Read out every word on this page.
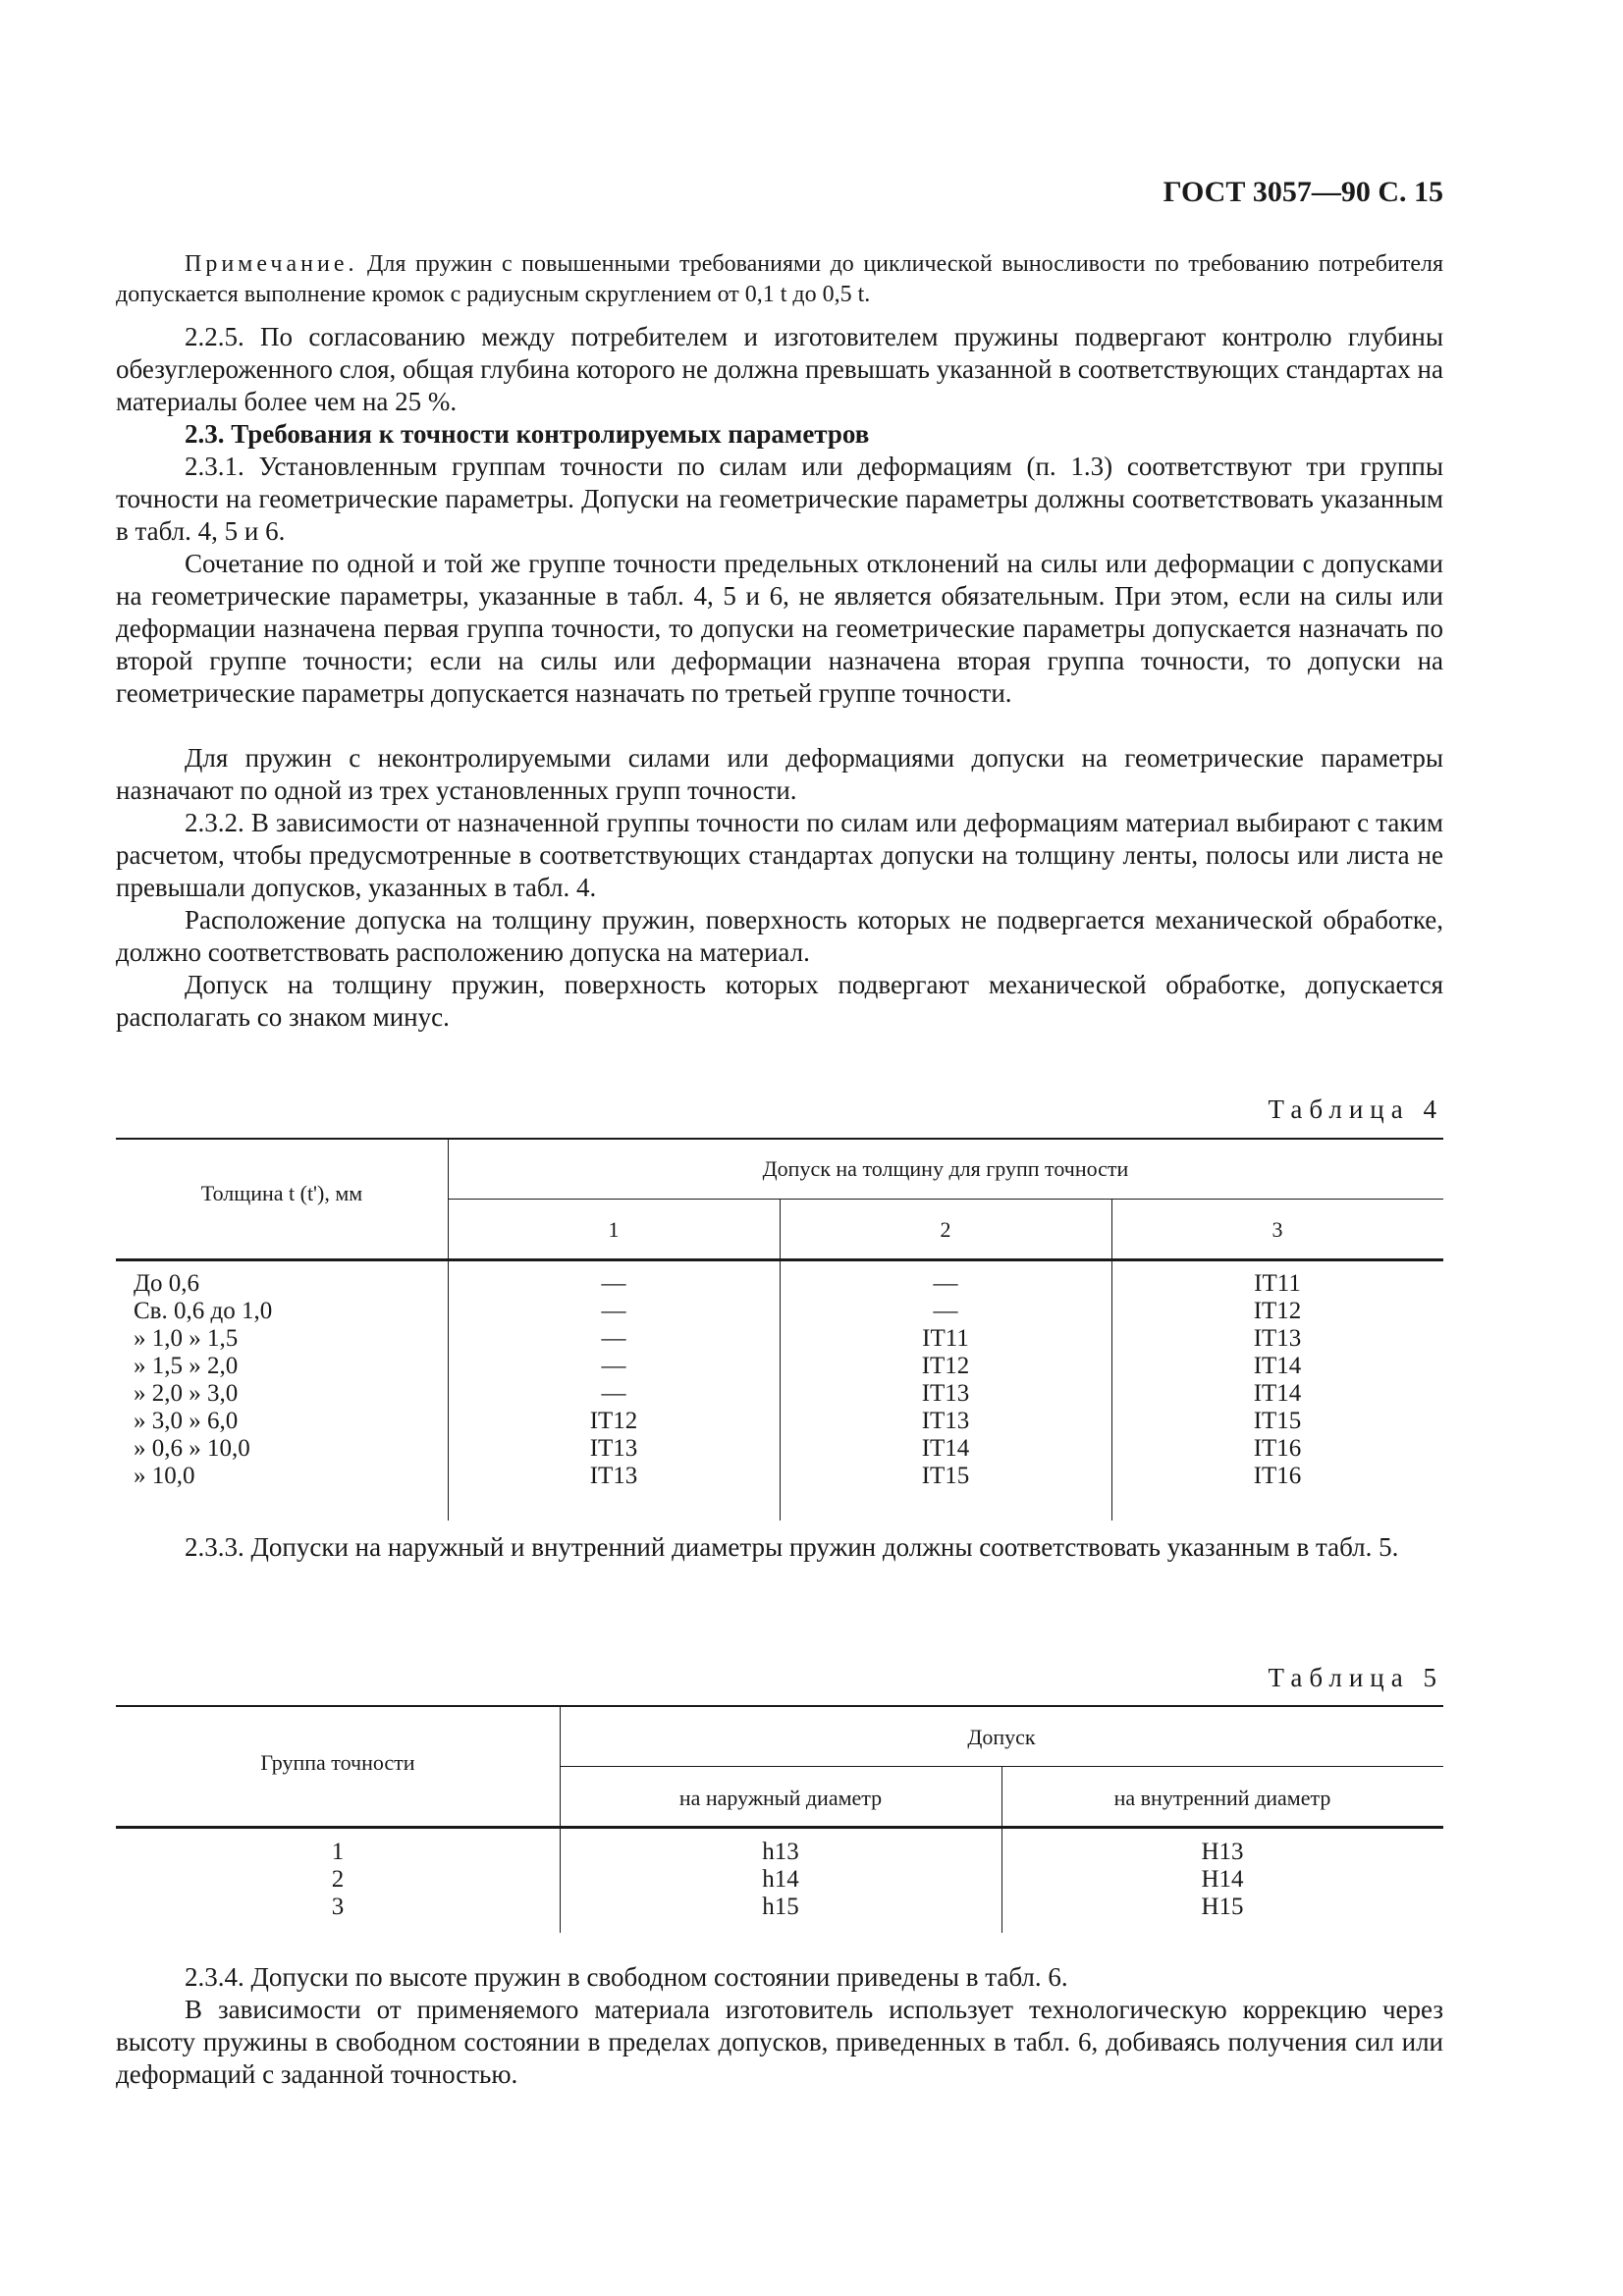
ГОСТ 3057—90 С. 15

Примечание. Для пружин с повышенными требованиями до циклической выносливости по требованию потребителя допускается выполнение кромок с радиусным скруглением от 0,1 t до 0,5 t.

2.2.5. По согласованию между потребителем и изготовителем пружины подвергают контролю глубины обезуглероженного слоя, общая глубина которого не должна превышать указанной в соответствующих стандартах на материалы более чем на 25 %.

2.3. Требования к точности контролируемых параметров

2.3.1. Установленным группам точности по силам или деформациям (п. 1.3) соответствуют три группы точности на геометрические параметры. Допуски на геометрические параметры должны соответствовать указанным в табл. 4, 5 и 6.

Сочетание по одной и той же группе точности предельных отклонений на силы или деформации с допусками на геометрические параметры, указанные в табл. 4, 5 и 6, не является обязательным. При этом, если на силы или деформации назначена первая группа точности, то допуски на геометрические параметры допускается назначать по второй группе точности; если на силы или деформации назначена вторая группа точности, то допуски на геометрические параметры допускается назначать по третьей группе точности.

Для пружин с неконтролируемыми силами или деформациями допуски на геометрические параметры назначают по одной из трех установленных групп точности.

2.3.2. В зависимости от назначенной группы точности по силам или деформациям материал выбирают с таким расчетом, чтобы предусмотренные в соответствующих стандартах допуски на толщину ленты, полосы или листа не превышали допусков, указанных в табл. 4.

Расположение допуска на толщину пружин, поверхность которых не подвергается механической обработке, должно соответствовать расположению допуска на материал.

Допуск на толщину пружин, поверхность которых подвергают механической обработке, допускается располагать со знаком минус.

Таблица 4
Толщина t (t'), мм
Допуск на толщину для групп точности
1	2	3
До 0,6	—	—	IT11
Св. 0,6 до 1,0	—	—	IT12
» 1,0 » 1,5	—	IT11	IT13
» 1,5 » 2,0	—	IT12	IT14
» 2,0 » 3,0	—	IT13	IT14
» 3,0 » 6,0	IT12	IT13	IT15
» 0,6 » 10,0	IT13	IT14	IT16
» 10,0	IT13	IT15	IT16

2.3.3. Допуски на наружный и внутренний диаметры пружин должны соответствовать указанным в табл. 5.

Таблица 5
Группа точности
Допуск
на наружный диаметр	на внутренний диаметр
1	h13	H13
2	h14	H14
3	h15	H15

2.3.4. Допуски по высоте пружин в свободном состоянии приведены в табл. 6.

В зависимости от применяемого материала изготовитель использует технологическую коррекцию через высоту пружины в свободном состоянии в пределах допусков, приведенных в табл. 6, добиваясь получения сил или деформаций с заданной точностью.
